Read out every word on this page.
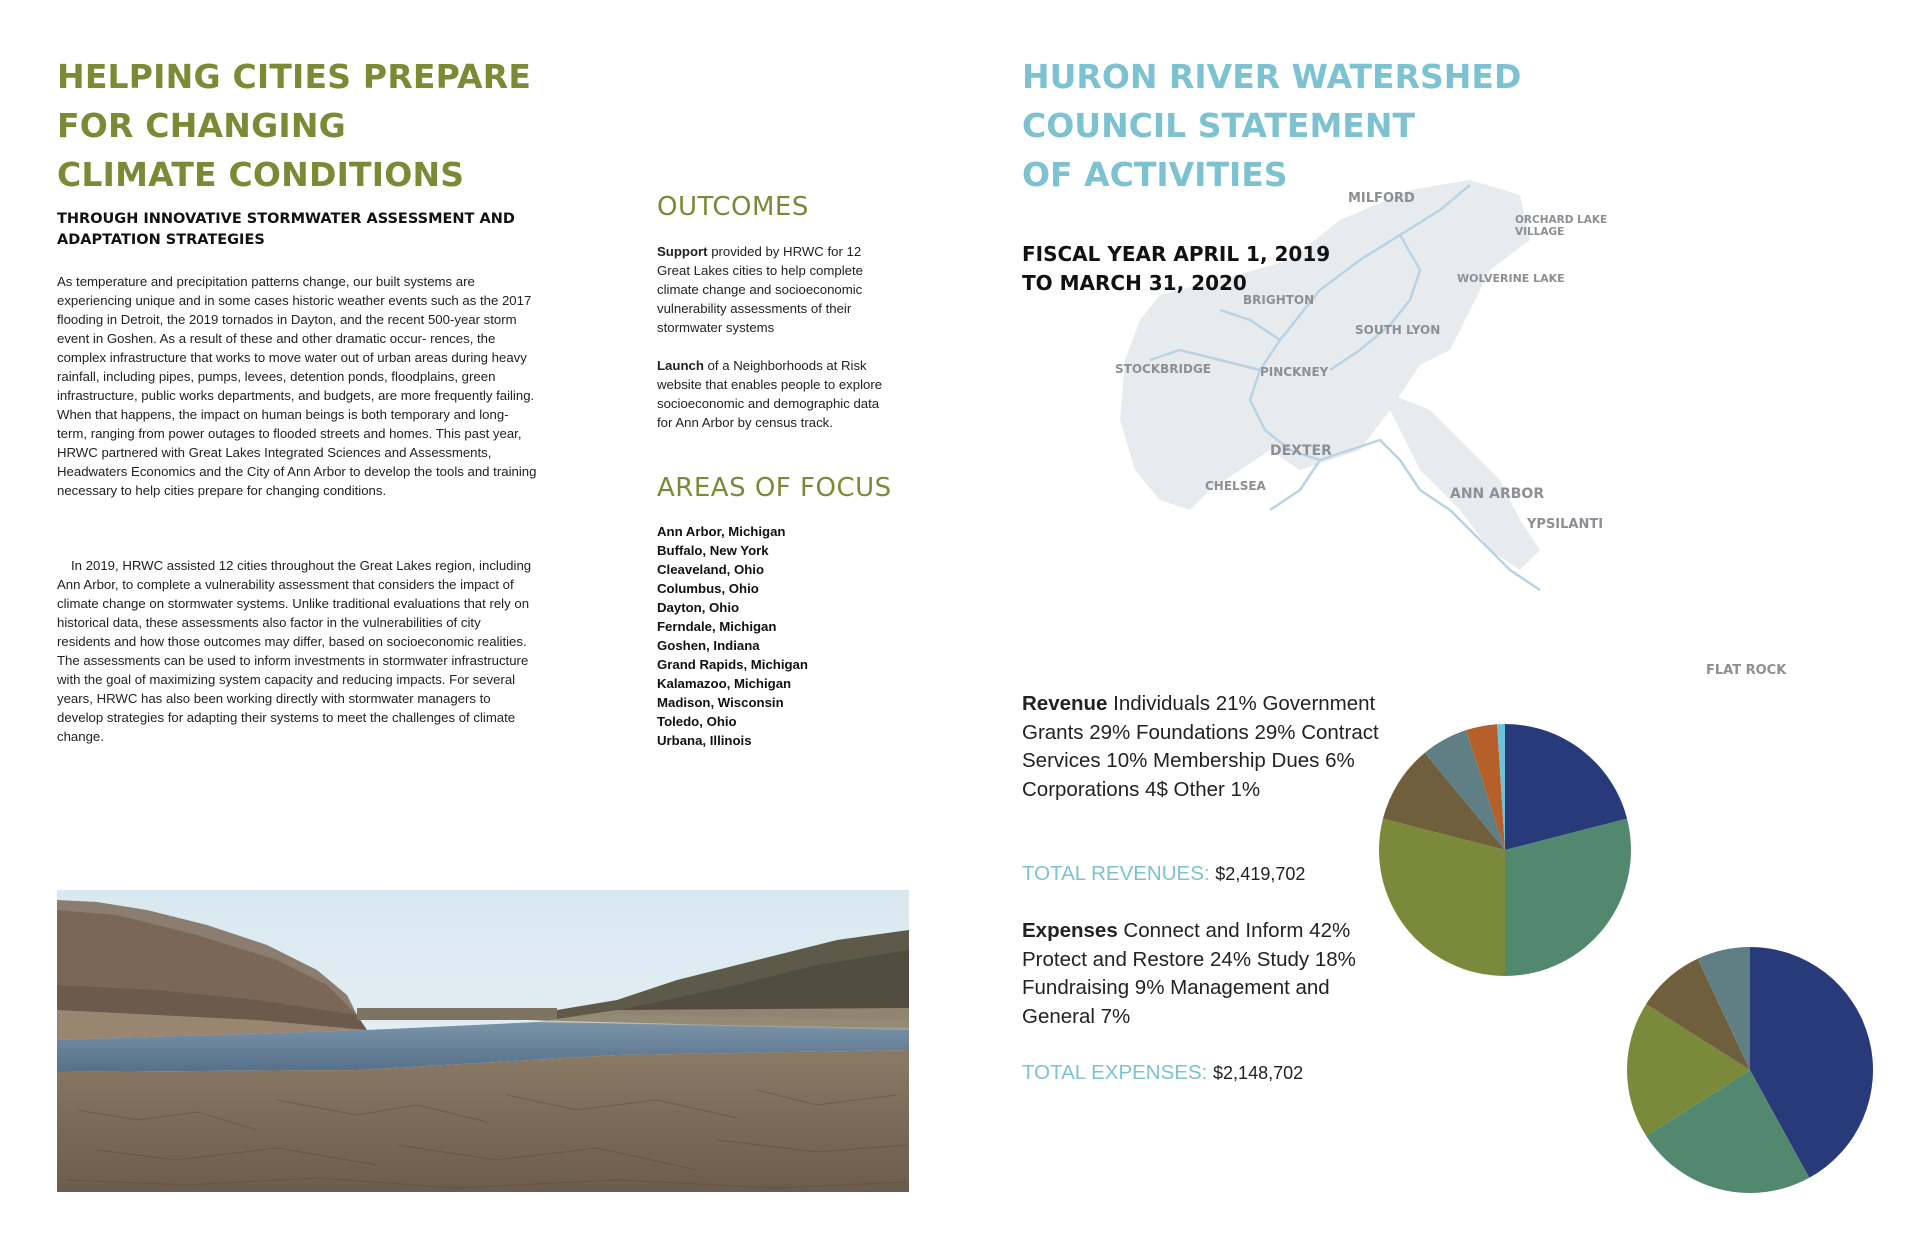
HELPING CITIES PREPARE
FOR CHANGING
CLIMATE CONDITIONS
THROUGH INNOVATIVE STORMWATER ASSESSMENT AND
ADAPTATION STRATEGIES
As temperature and precipitation patterns change, our built systems are experiencing unique and in some cases historic weather events such as the 2017 flooding in Detroit, the 2019 tornados in Dayton, and the recent 500-year storm event in Goshen. As a result of these and other dramatic occur- rences, the complex infrastructure that works to move water out of urban areas during heavy rainfall, including pipes, pumps, levees, detention ponds, floodplains, green infrastructure, public works departments, and budgets, are more frequently failing. When that happens, the impact on human beings is both temporary and long-term, ranging from power outages to flooded streets and homes. This past year, HRWC partnered with Great Lakes Integrated Sciences and Assessments, Headwaters Economics and the City of Ann Arbor to develop the tools and training necessary to help cities prepare for changing conditions.
In 2019, HRWC assisted 12 cities throughout the Great Lakes region, including Ann Arbor, to complete a vulnerability assessment that considers the impact of climate change on stormwater systems. Unlike traditional evaluations that rely on historical data, these assessments also factor in the vulnerabilities of city residents and how those outcomes may differ, based on socioeconomic realities. The assessments can be used to inform investments in stormwater infrastructure with the goal of maximizing system capacity and reducing impacts. For several years, HRWC has also been working directly with stormwater managers to develop strategies for adapting their systems to meet the challenges of climate change.
OUTCOMES
Support provided by HRWC for 12 Great Lakes cities to help complete climate change and socioeconomic vulnerability assessments of their stormwater systems
Launch of a Neighborhoods at Risk website that enables people to explore socioeconomic and demographic data for Ann Arbor by census track.
AREAS OF FOCUS
Ann Arbor, Michigan
Buffalo, New York
Cleaveland, Ohio
Columbus, Ohio
Dayton, Ohio
Ferndale, Michigan
Goshen, Indiana
Grand Rapids, Michigan
Kalamazoo, Michigan
Madison, Wisconsin
Toledo, Ohio
Urbana, Illinois
MILFORD
ORCHARD LAKE
VILLAGE
WOLVERINE LAKE
BRIGHTON
SOUTH LYON
STOCKBRIDGE	PINCKNEY
DEXTER
CHELSEA	ANN ARBOR
YPSILANTI
FLAT ROCK
HURON RIVER WATERSHED
COUNCIL STATEMENT
OF ACTIVITIES
FISCAL YEAR APRIL 1, 2019
TO MARCH 31, 2020
Revenue Individuals 21% Government Grants 29% Foundations 29% Contract Services 10% Membership Dues 6% Corporations 4$ Other 1%
TOTAL REVENUES: $2,419,702
Expenses Connect and Inform 42% Protect and Restore 24% Study 18% Fundraising 9% Management and General 7%
TOTAL EXPENSES: $2,148,702
